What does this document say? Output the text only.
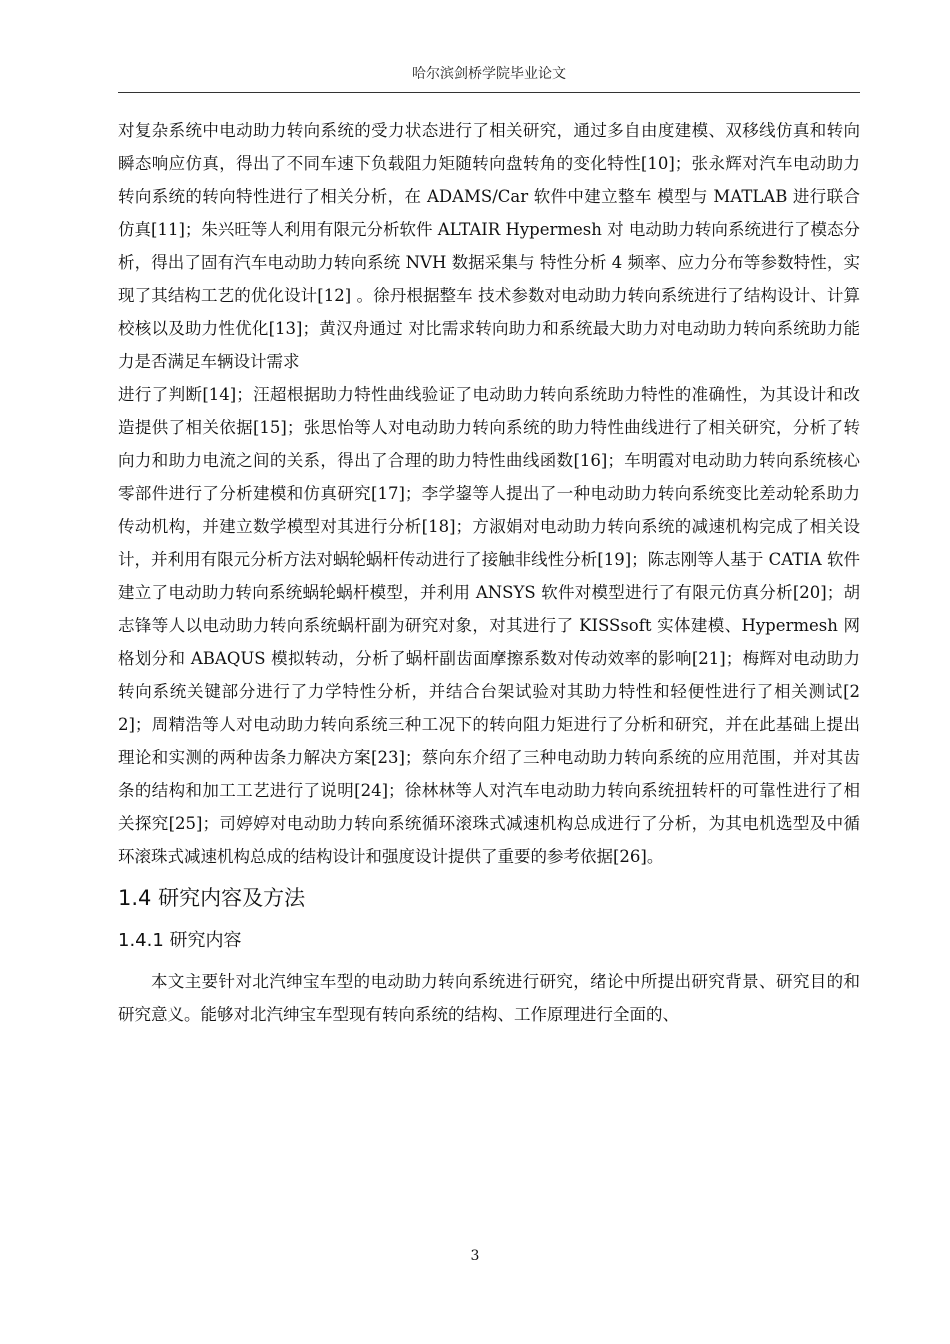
哈尔滨剑桥学院毕业论文

对复杂系统中电动助力转向系统的受力状态进行了相关研究，通过多自由度建模、双移线仿真和转向瞬态响应仿真，得出了不同车速下负载阻力矩随转向盘转角的变化特性[10]；张永辉对汽车电动助力转向系统的转向特性进行了相关分析，在 ADAMS/Car 软件中建立整车 模型与 MATLAB 进行联合仿真[11]；朱兴旺等人利用有限元分析软件 ALTAIR Hypermesh 对 电动助力转向系统进行了模态分析，得出了固有汽车电动助力转向系统 NVH 数据采集与 特性分析 4 频率、应力分布等参数特性，实现了其结构工艺的优化设计[12] 。徐丹根据整车 技术参数对电动助力转向系统进行了结构设计、计算校核以及助力性优化[13]；黄汉舟通过 对比需求转向助力和系统最大助力对电动助力转向系统助力能力是否满足车辆设计需求

进行了判断[14]；汪超根据助力特性曲线验证了电动助力转向系统助力特性的准确性，为其设计和改造提供了相关依据[15]；张思怡等人对电动助力转向系统的助力特性曲线进行了相关研究，分析了转向力和助力电流之间的关系，得出了合理的助力特性曲线函数[16]；车明霞对电动助力转向系统核心零部件进行了分析建模和仿真研究[17]；李学鋆等人提出了一种电动助力转向系统变比差动轮系助力传动机构，并建立数学模型对其进行分析[18]；方淑娟对电动助力转向系统的减速机构完成了相关设计，并利用有限元分析方法对蜗轮蜗杆传动进行了接触非线性分析[19]；陈志刚等人基于 CATIA 软件建立了电动助力转向系统蜗轮蜗杆模型，并利用 ANSYS 软件对模型进行了有限元仿真分析[20]；胡志锋等人以电动助力转向系统蜗杆副为研究对象，对其进行了 KISSsoft 实体建模、Hypermesh 网格划分和 ABAQUS 模拟转动，分析了蜗杆副齿面摩擦系数对传动效率的影响[21]；梅辉对电动助力转向系统关键部分进行了力学特性分析，并结合台架试验对其助力特性和轻便性进行了相关测试[22]；周精浩等人对电动助力转向系统三种工况下的转向阻力矩进行了分析和研究，并在此基础上提出理论和实测的两种齿条力解决方案[23]；蔡向东介绍了三种电动助力转向系统的应用范围，并对其齿条的结构和加工工艺进行了说明[24]；徐林林等人对汽车电动助力转向系统扭转杆的可靠性进行了相关探究[25]；司婷婷对电动助力转向系统循环滚珠式减速机构总成进行了分析，为其电机选型及中循环滚珠式减速机构总成的结构设计和强度设计提供了重要的参考依据[26]。

1.4 研究内容及方法
1.4.1 研究内容

本文主要针对北汽绅宝车型的电动助力转向系统进行研究，绪论中所提出研究背景、研究目的和研究意义。能够对北汽绅宝车型现有转向系统的结构、工作原理进行全面的、

3
